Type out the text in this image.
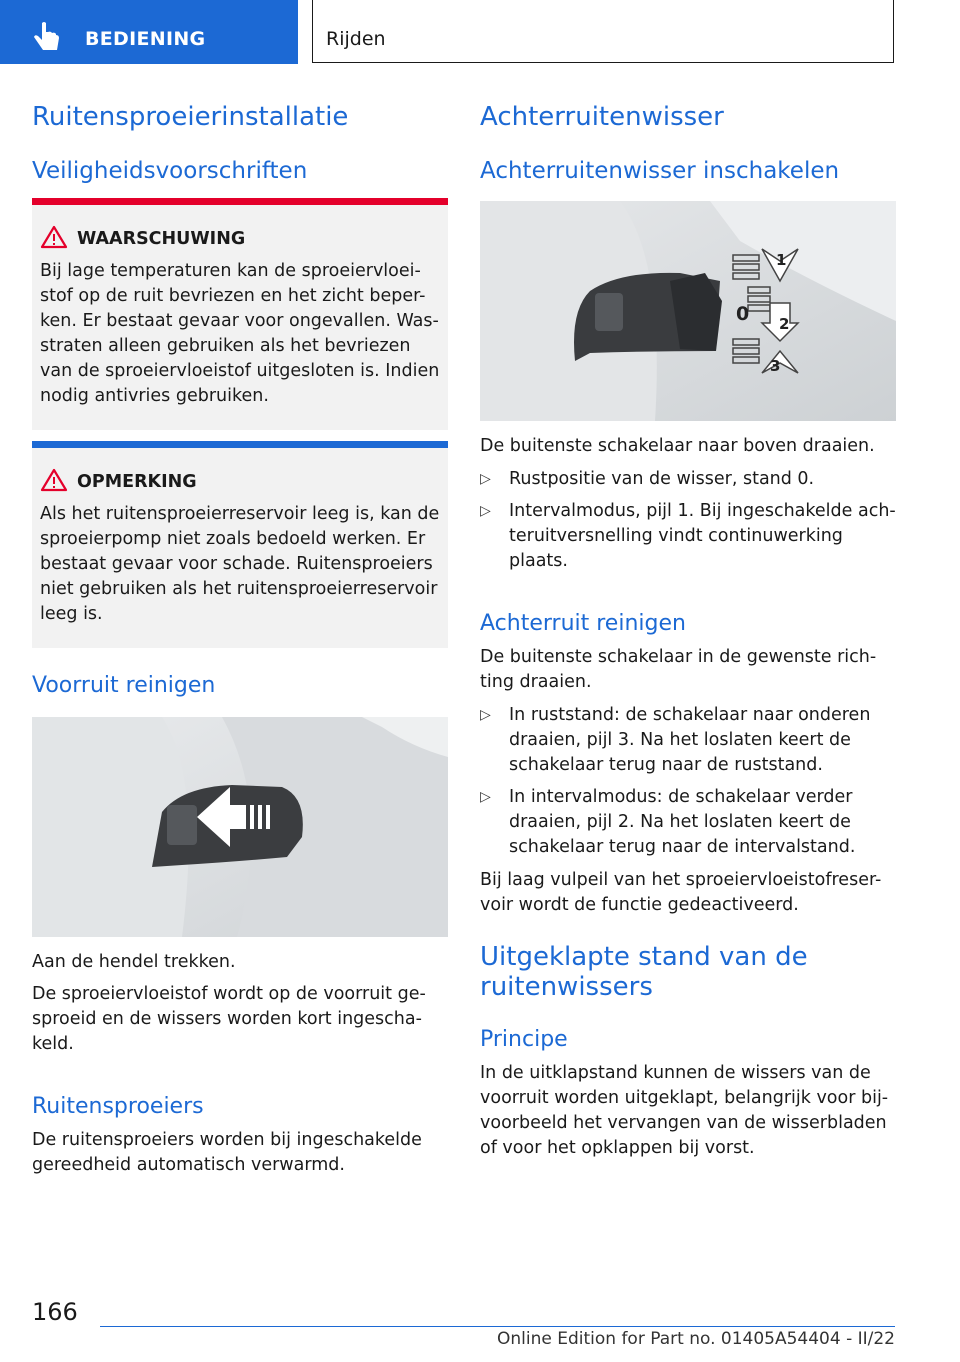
BEDIENING	Rijden
Ruitensproeierinstallatie
Veiligheidsvoorschriften
WAARSCHUWING
Bij lage temperaturen kan de sproeiervloei-stof op de ruit bevriezen en het zicht beper-ken. Er bestaat gevaar voor ongevallen. Was-straten alleen gebruiken als het bevriezen van de sproeiervloeistof uitgesloten is. Indien nodig antivries gebruiken.
OPMERKING
Als het ruitensproeierreservoir leeg is, kan de sproeierpomp niet zoals bedoeld werken. Er bestaat gevaar voor schade. Ruitensproeiers niet gebruiken als het ruitensproeierreservoir leeg is.
Voorruit reinigen

Aan de hendel trekken.

De sproeiervloeistof wordt op de voorruit ge-sproeid en de wissers worden kort ingescha-keld.

Ruitensproeiers

De ruitensproeiers worden bij ingeschakelde gereedheid automatisch verwarmd.

Achterruitenwisser
Achterruitenwisser inschakelen
1
0 2
3

De buitenste schakelaar naar boven draaien.

▷ Rustpositie van de wisser, stand 0.
▷ Intervalmodus, pijl 1. Bij ingeschakelde ach-teruitversnelling vindt continuwerking plaats.
Achterruit reinigen

De buitenste schakelaar in de gewenste rich-ting draaien.

▷ In ruststand: de schakelaar naar onderen draaien, pijl 3. Na het loslaten keert de schakelaar terug naar de ruststand.
▷ In intervalmodus: de schakelaar verder draaien, pijl 2. Na het loslaten keert de schakelaar terug naar de intervalstand.

Bij laag vulpeil van het sproeiervloeistofreser-voir wordt de functie gedeactiveerd.

Uitgeklapte stand van de
ruitenwissers
Principe

In de uitklapstand kunnen de wissers van de voorruit worden uitgeklapt, belangrijk voor bij-voorbeeld het vervangen van de wisserbladen of voor het opklappen bij vorst.

166
Online Edition for Part no. 01405A54404 - II/22
